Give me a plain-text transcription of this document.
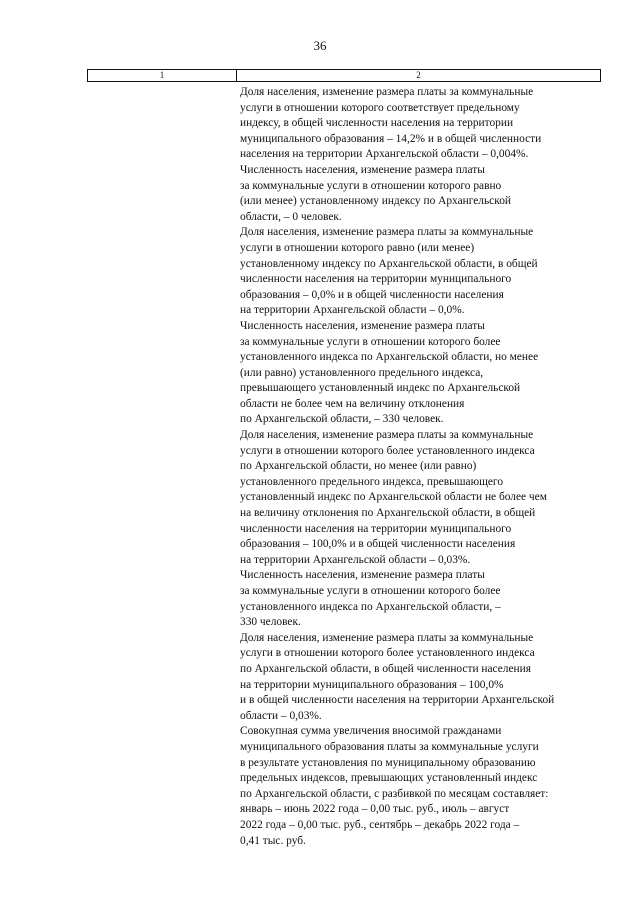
36
1	2
Доля населения, изменение размера платы за коммунальные
услуги в отношении которого соответствует предельному
индексу, в общей численности населения на территории
муниципального образования – 14,2% и в общей численности
населения на территории Архангельской области – 0,004%.
Численность населения, изменение размера платы
за коммунальные услуги в отношении которого равно
(или менее) установленному индексу по Архангельской
области, – 0 человек.
Доля населения, изменение размера платы за коммунальные
услуги в отношении которого равно (или менее)
установленному индексу по Архангельской области, в общей
численности населения на территории муниципального
образования – 0,0% и в общей численности населения
на территории Архангельской области – 0,0%.
Численность населения, изменение размера платы
за коммунальные услуги в отношении которого более
установленного индекса по Архангельской области, но менее
(или равно) установленного предельного индекса,
превышающего установленный индекс по Архангельской
области не более чем на величину отклонения
по Архангельской области, – 330 человек.
Доля населения, изменение размера платы за коммунальные
услуги в отношении которого более установленного индекса
по Архангельской области, но менее (или равно)
установленного предельного индекса, превышающего
установленный индекс по Архангельской области не более чем
на величину отклонения по Архангельской области, в общей
численности населения на территории муниципального
образования – 100,0% и в общей численности населения
на территории Архангельской области – 0,03%.
Численность населения, изменение размера платы
за коммунальные услуги в отношении которого более
установленного индекса по Архангельской области, –
330 человек.
Доля населения, изменение размера платы за коммунальные
услуги в отношении которого более установленного индекса
по Архангельской области, в общей численности населения
на территории муниципального образования – 100,0%
и в общей численности населения на территории Архангельской
области – 0,03%.
Совокупная сумма увеличения вносимой гражданами
муниципального образования платы за коммунальные услуги
в результате установления по муниципальному образованию
предельных индексов, превышающих установленный индекс
по Архангельской области, с разбивкой по месяцам составляет:
январь – июнь 2022 года – 0,00 тыс. руб., июль – август
2022 года – 0,00 тыс. руб., сентябрь – декабрь 2022 года –
0,41 тыс. руб.
